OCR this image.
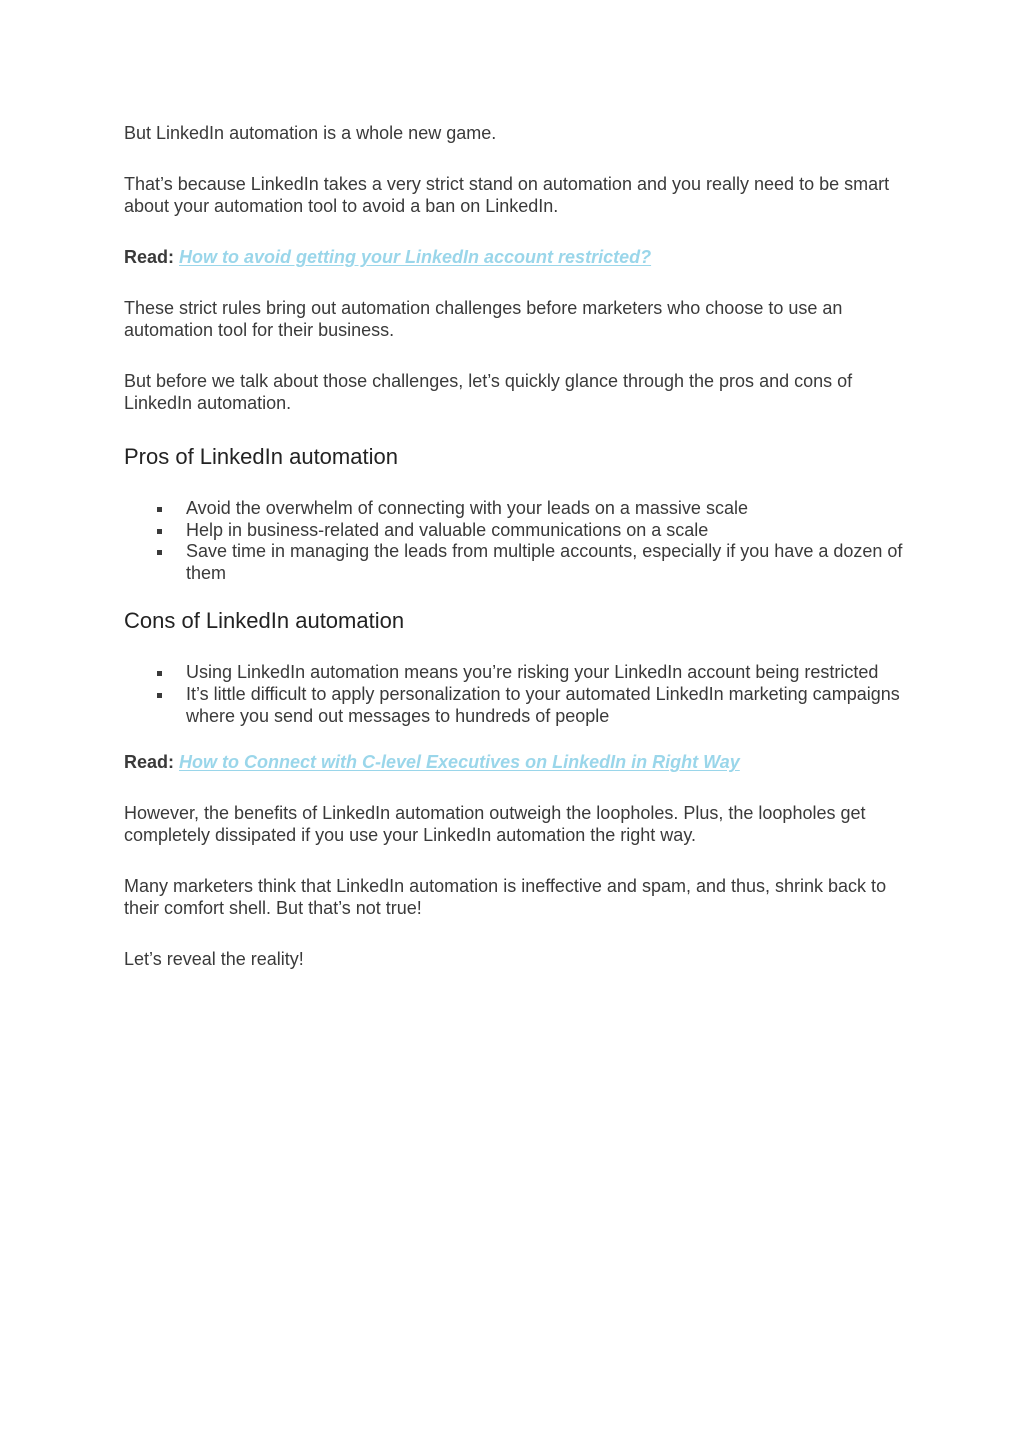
But LinkedIn automation is a whole new game.

That’s because LinkedIn takes a very strict stand on automation and you really need to be smart about your automation tool to avoid a ban on LinkedIn.

Read: How to avoid getting your LinkedIn account restricted?

These strict rules bring out automation challenges before marketers who choose to use an automation tool for their business.

But before we talk about those challenges, let’s quickly glance through the pros and cons of LinkedIn automation.

Pros of LinkedIn automation
Avoid the overwhelm of connecting with your leads on a massive scale
Help in business-related and valuable communications on a scale
Save time in managing the leads from multiple accounts, especially if you have a dozen of them
Cons of LinkedIn automation
Using LinkedIn automation means you’re risking your LinkedIn account being restricted
It’s little difficult to apply personalization to your automated LinkedIn marketing campaigns where you send out messages to hundreds of people
Read: How to Connect with C-level Executives on LinkedIn in Right Way

However, the benefits of LinkedIn automation outweigh the loopholes. Plus, the loopholes get completely dissipated if you use your LinkedIn automation the right way.

Many marketers think that LinkedIn automation is ineffective and spam, and thus, shrink back to their comfort shell. But that’s not true!

Let’s reveal the reality!
